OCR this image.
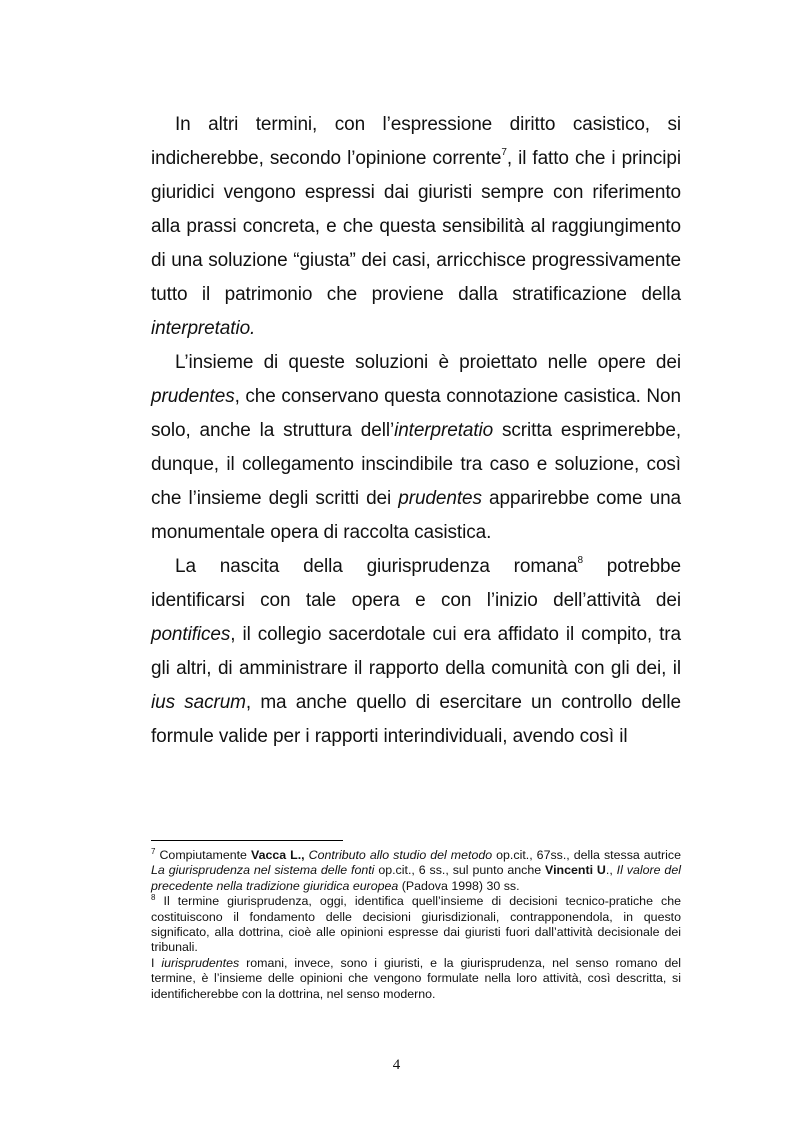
In altri termini, con l’espressione diritto casistico, si indicherebbe, secondo l’opinione corrente$^7$, il fatto che i principi giuridici vengono espressi dai giuristi sempre con riferimento alla prassi concreta, e che questa sensibilità al raggiungimento di una soluzione “giusta” dei casi, arricchisce progressivamente tutto il patrimonio che proviene dalla stratificazione della interpretatio.

L’insieme di queste soluzioni è proiettato nelle opere dei prudentes, che conservano questa connotazione casistica. Non solo, anche la struttura dell’interpretatio scritta esprimerebbe, dunque, il collegamento inscindibile tra caso e soluzione, così che l’insieme degli scritti dei prudentes apparirebbe come una monumentale opera di raccolta casistica.

La nascita della giurisprudenza romana$^8$ potrebbe identificarsi con tale opera e con l’inizio dell’attività dei pontifices, il collegio sacerdotale cui era affidato il compito, tra gli altri, di amministrare il rapporto della comunità con gli dei, il ius sacrum, ma anche quello di esercitare un controllo delle formule valide per i rapporti interindividuali, avendo così il

$^7$ Compiutamente Vacca L., Contributo allo studio del metodo op.cit., 67ss., della stessa autrice La giurisprudenza nel sistema delle fonti op.cit., 6 ss., sul punto anche Vincenti U., Il valore del precedente nella tradizione giuridica europea (Padova 1998) 30 ss.

$^8$ Il termine giurisprudenza, oggi, identifica quell’insieme di decisioni tecnico-pratiche che costituiscono il fondamento delle decisioni giurisdizionali, contrapponendola, in questo significato, alla dottrina, cioè alle opinioni espresse dai giuristi fuori dall’attività decisionale dei tribunali.

I iurisprudentes romani, invece, sono i giuristi, e la giurisprudenza, nel senso romano del termine, è l’insieme delle opinioni che vengono formulate nella loro attività, così descritta, si identificherebbe con la dottrina, nel senso moderno.

4
